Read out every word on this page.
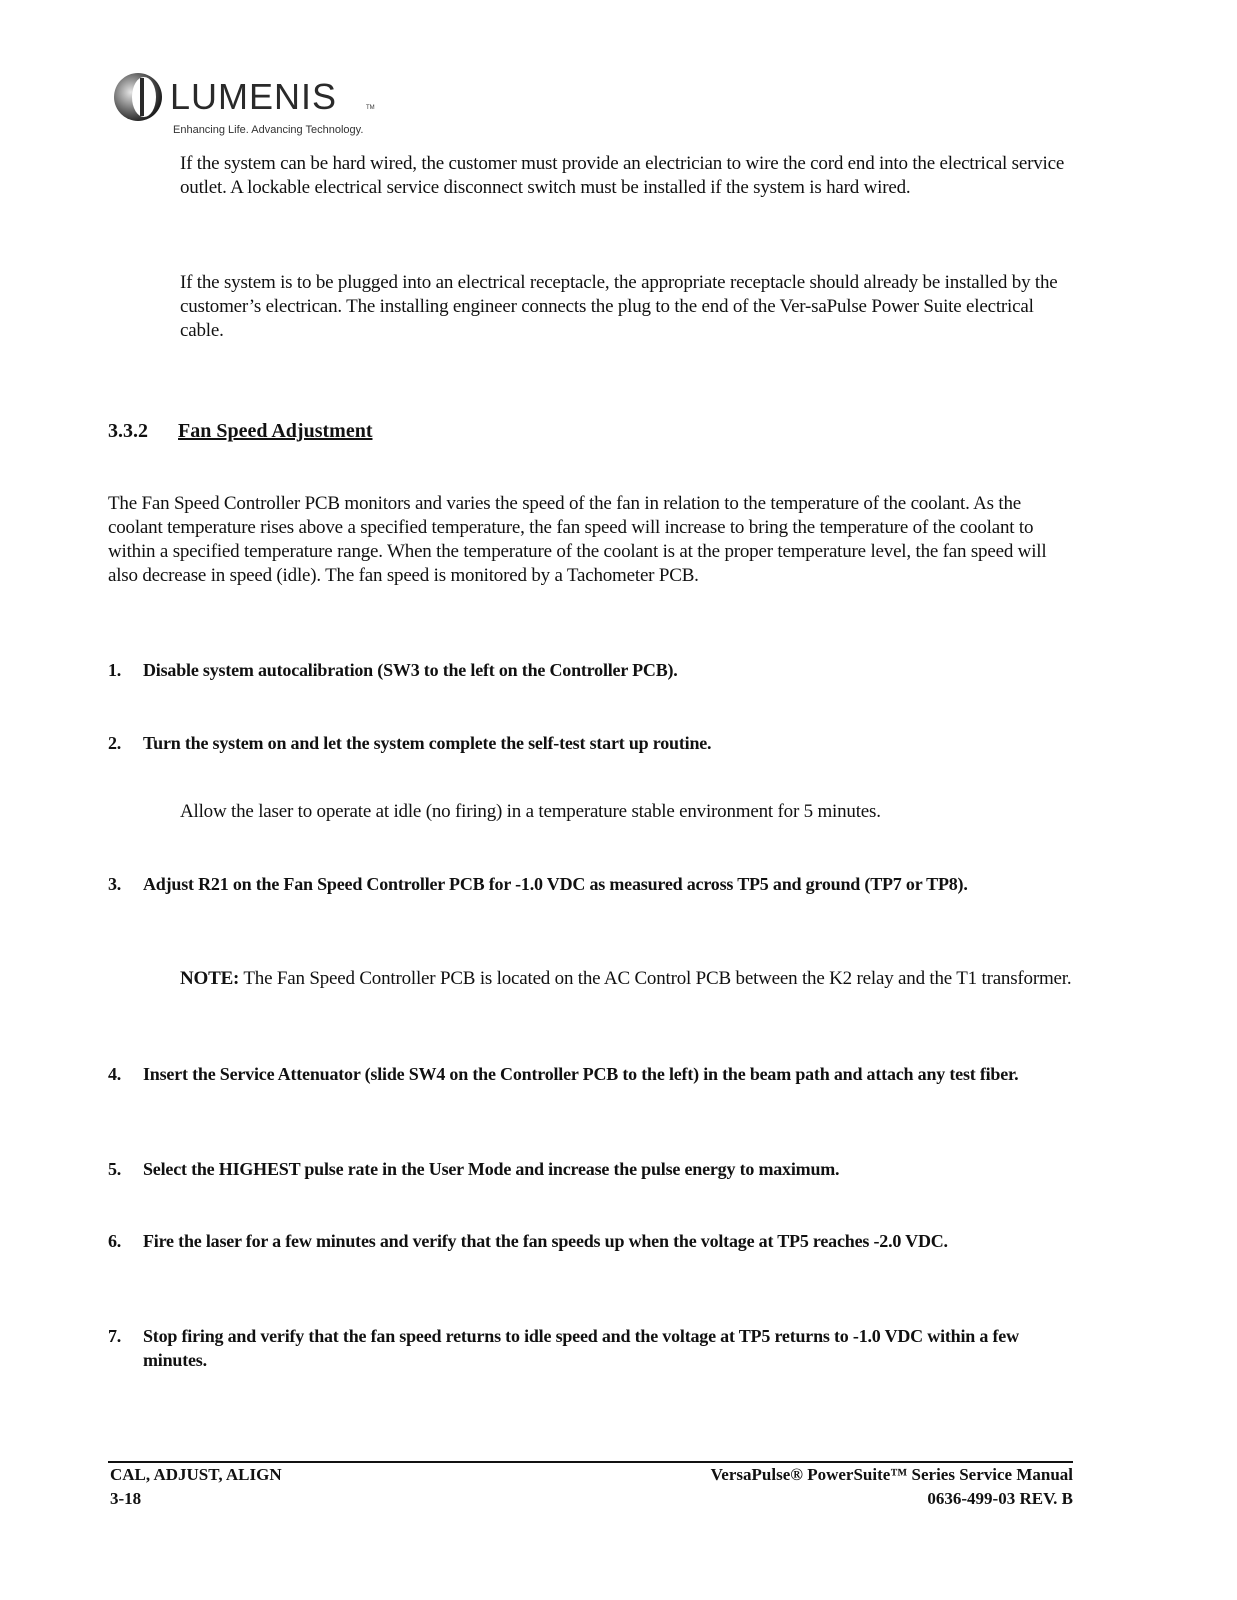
LUMENIS	TM
Enhancing Life. Advancing Technology.

If the system can be hard wired, the customer must provide an electrician to wire the cord end into the electrical service outlet. A lockable electrical service disconnect switch must be installed if the system is hard wired.

If the system is to be plugged into an electrical receptacle, the appropriate receptacle should already be installed by the customer’s electrican. The installing engineer connects the plug to the end of the Ver-saPulse Power Suite electrical cable.

3.3.2 Fan Speed Adjustment

The Fan Speed Controller PCB monitors and varies the speed of the fan in relation to the temperature of the coolant. As the coolant temperature rises above a specified temperature, the fan speed will increase to bring the temperature of the coolant to within a specified temperature range. When the temperature of the coolant is at the proper temperature level, the fan speed will also decrease in speed (idle). The fan speed is monitored by a Tachometer PCB.

1. Disable system autocalibration (SW3 to the left on the Controller PCB).
2. Turn the system on and let the system complete the self-test start up routine.

Allow the laser to operate at idle (no firing) in a temperature stable environment for 5 minutes.

3. Adjust R21 on the Fan Speed Controller PCB for -1.0 VDC as measured across TP5 and ground (TP7 or TP8).

NOTE: The Fan Speed Controller PCB is located on the AC Control PCB between the K2 relay and the T1 transformer.

4. Insert the Service Attenuator (slide SW4 on the Controller PCB to the left) in the beam path and attach any test fiber.
5. Select the HIGHEST pulse rate in the User Mode and increase the pulse energy to maximum.
6. Fire the laser for a few minutes and verify that the fan speeds up when the voltage at TP5 reaches -2.0 VDC.
7. Stop firing and verify that the fan speed returns to idle speed and the voltage at TP5 returns to -1.0 VDC within a few minutes.

CAL, ADJUST, ALIGN

3-18

VersaPulse® PowerSuite™ Series Service Manual

0636-499-03 REV. B
